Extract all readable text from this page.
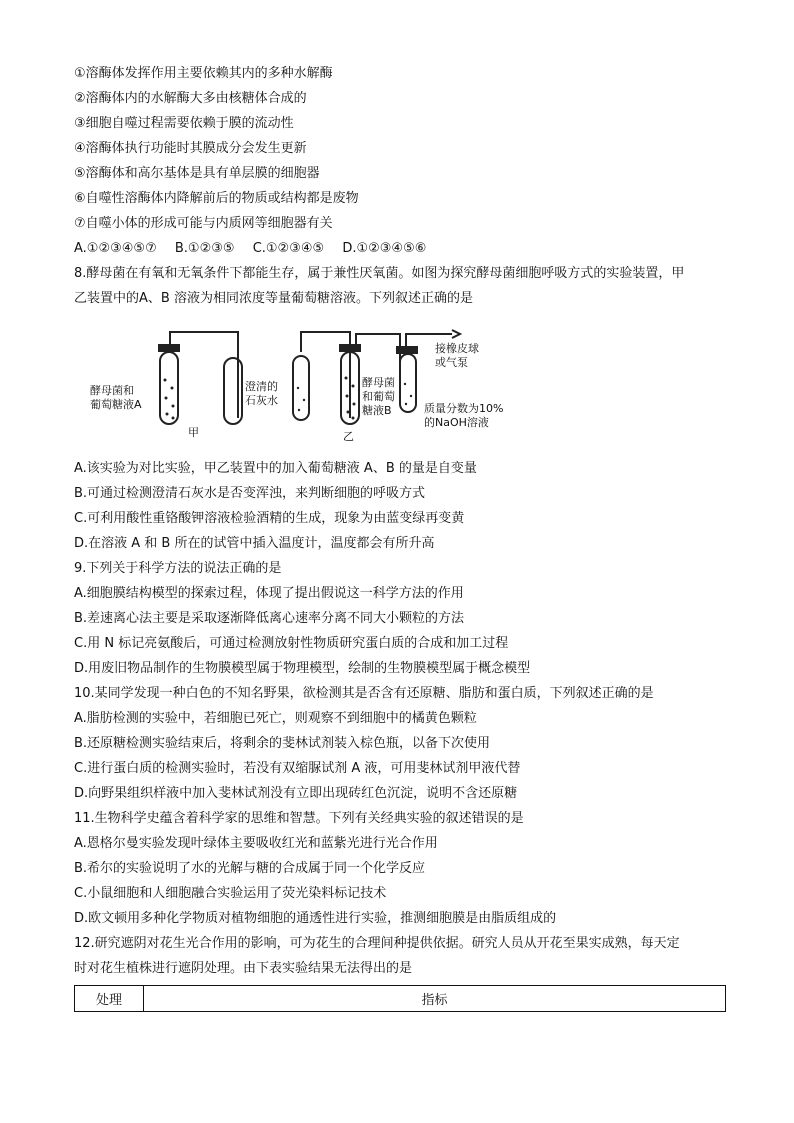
①溶酶体发挥作用主要依赖其内的多种水解酶
②溶酶体内的水解酶大多由核糖体合成的
③细胞自噬过程需要依赖于膜的流动性
④溶酶体执行功能时其膜成分会发生更新
⑤溶酶体和高尔基体是具有单层膜的细胞器
⑥自噬性溶酶体内降解前后的物质或结构都是废物
⑦自噬小体的形成可能与内质网等细胞器有关
A.①②③④⑤⑦ B.①②③⑤ C.①②③④⑤ D.①②③④⑤⑥
8.酵母菌在有氧和无氧条件下都能生存，属于兼性厌氧菌。如图为探究酵母菌细胞呼吸方式的实验装置，甲
乙装置中的A、B 溶液为相同浓度等量葡萄糖溶液。下列叙述正确的是
酵母菌和
葡萄糖液A
澄清的
石灰水
甲
酵母菌
和葡萄
糖液B
乙
接橡皮球
或气泵
质量分数为10%
的NaOH溶液
A.该实验为对比实验，甲乙装置中的加入葡萄糖液 A、B 的量是自变量
B.可通过检测澄清石灰水是否变浑浊，来判断细胞的呼吸方式
C.可利用酸性重铬酸钾溶液检验酒精的生成，现象为由蓝变绿再变黄
D.在溶液 A 和 B 所在的试管中插入温度计，温度都会有所升高
9.下列关于科学方法的说法正确的是
A.细胞膜结构模型的探索过程，体现了提出假说这一科学方法的作用
B.差速离心法主要是采取逐渐降低离心速率分离不同大小颗粒的方法
C.用 N 标记亮氨酸后，可通过检测放射性物质研究蛋白质的合成和加工过程
D.用废旧物品制作的生物膜模型属于物理模型，绘制的生物膜模型属于概念模型
10.某同学发现一种白色的不知名野果，欲检测其是否含有还原糖、脂肪和蛋白质，下列叙述正确的是
A.脂肪检测的实验中，若细胞已死亡，则观察不到细胞中的橘黄色颗粒
B.还原糖检测实验结束后，将剩余的斐林试剂装入棕色瓶，以备下次使用
C.进行蛋白质的检测实验时，若没有双缩脲试剂 A 液，可用斐林试剂甲液代替
D.向野果组织样液中加入斐林试剂没有立即出现砖红色沉淀，说明不含还原糖
11.生物科学史蕴含着科学家的思维和智慧。下列有关经典实验的叙述错误的是
A.恩格尔曼实验发现叶绿体主要吸收红光和蓝紫光进行光合作用
B.希尔的实验说明了水的光解与糖的合成属于同一个化学反应
C.小鼠细胞和人细胞融合实验运用了荧光染料标记技术
D.欧文顿用多种化学物质对植物细胞的通透性进行实验，推测细胞膜是由脂质组成的
12.研究遮阴对花生光合作用的影响，可为花生的合理间种提供依据。研究人员从开花至果实成熟，每天定
时对花生植株进行遮阴处理。由下表实验结果无法得出的是
处理	指标
